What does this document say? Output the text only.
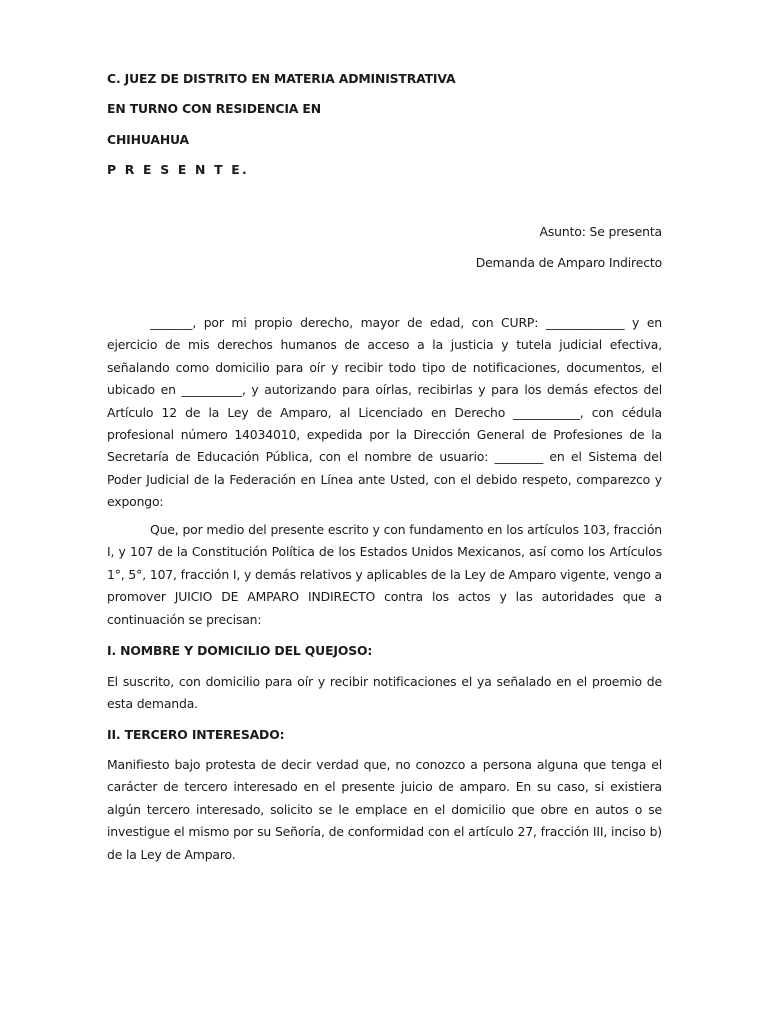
C. JUEZ DE DISTRITO EN MATERIA ADMINISTRATIVA
EN TURNO CON RESIDENCIA EN
CHIHUAHUA
P R E S E N T E.
Asunto: Se presenta
Demanda de Amparo Indirecto

_______, por mi propio derecho, mayor de edad, con CURP: _____________ y en ejercicio de mis derechos humanos de acceso a la justicia y tutela judicial efectiva, señalando como domicilio para oír y recibir todo tipo de notificaciones, documentos, el ubicado en __________, y autorizando para oírlas, recibirlas y para los demás efectos del Artículo 12 de la Ley de Amparo, al Licenciado en Derecho ___________, con cédula profesional número 14034010, expedida por la Dirección General de Profesiones de la Secretaría de Educación Pública, con el nombre de usuario: ________ en el Sistema del Poder Judicial de la Federación en Línea ante Usted, con el debido respeto, comparezco y expongo:

Que, por medio del presente escrito y con fundamento en los artículos 103, fracción I, y 107 de la Constitución Política de los Estados Unidos Mexicanos, así como los Artículos 1°, 5°, 107, fracción I, y demás relativos y aplicables de la Ley de Amparo vigente, vengo a promover JUICIO DE AMPARO INDIRECTO contra los actos y las autoridades que a continuación se precisan:

I. NOMBRE Y DOMICILIO DEL QUEJOSO:

El suscrito, con domicilio para oír y recibir notificaciones el ya señalado en el proemio de esta demanda.

II. TERCERO INTERESADO:

Manifiesto bajo protesta de decir verdad que, no conozco a persona alguna que tenga el carácter de tercero interesado en el presente juicio de amparo. En su caso, si existiera algún tercero interesado, solicito se le emplace en el domicilio que obre en autos o se investigue el mismo por su Señoría, de conformidad con el artículo 27, fracción III, inciso b) de la Ley de Amparo.
